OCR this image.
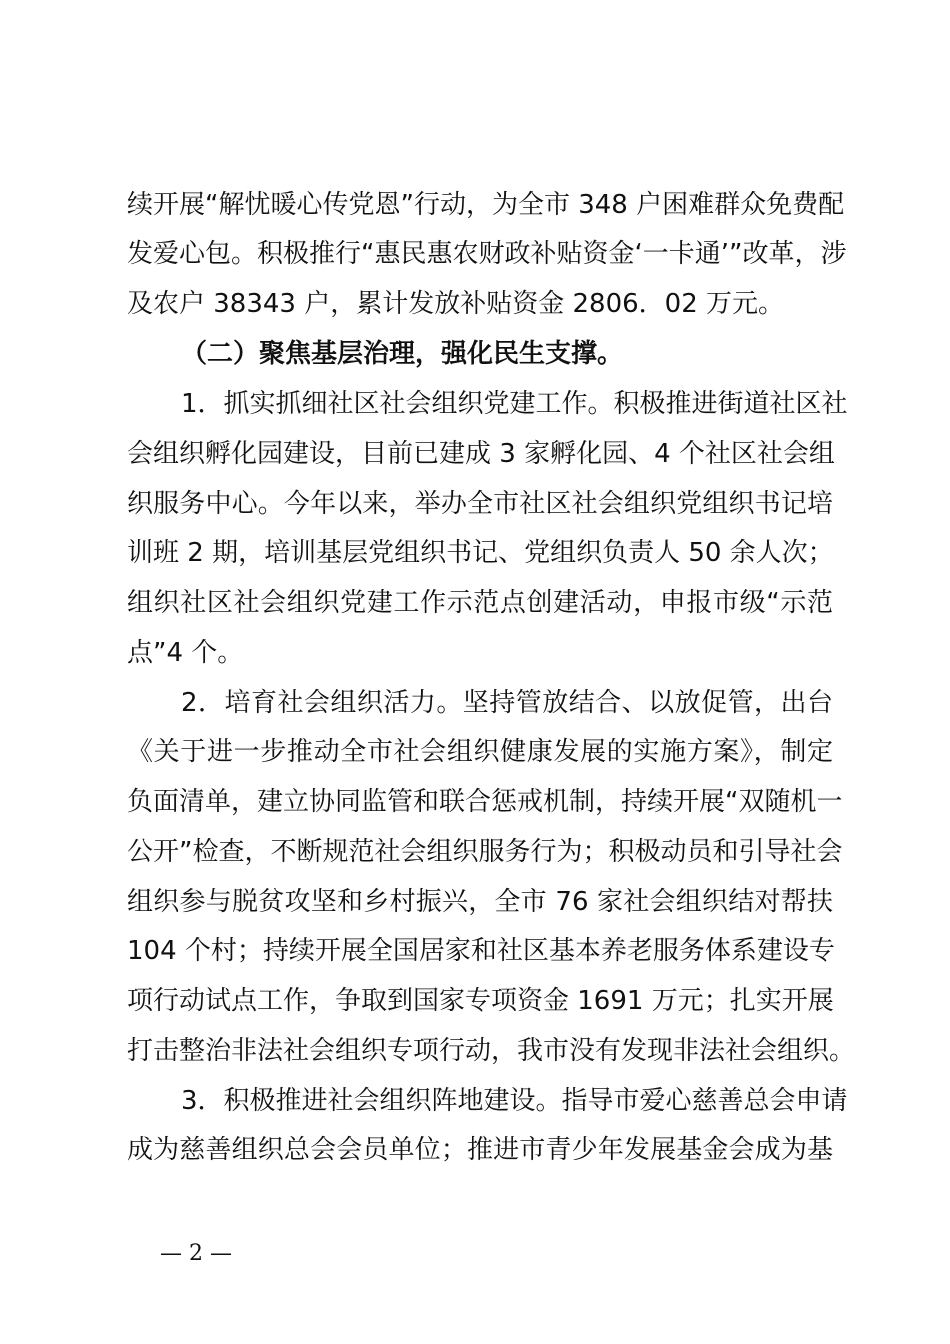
续开展“解忧暖心传党恩”行动，为全市 348 户困难群众免费配
发爱心包。积极推行“惠民惠农财政补贴资金‘一卡通’”改革，涉
及农户 38343 户，累计发放补贴资金 2806．02 万元。
（二）聚焦基层治理，强化民生支撑。
1．抓实抓细社区社会组织党建工作。积极推进街道社区社
会组织孵化园建设，目前已建成 3 家孵化园、4 个社区社会组
织服务中心。今年以来，举办全市社区社会组织党组织书记培
训班 2 期，培训基层党组织书记、党组织负责人 50 余人次；
组织社区社会组织党建工作示范点创建活动，申报市级“示范
点”4 个。
2．培育社会组织活力。坚持管放结合、以放促管，出台
《关于进一步推动全市社会组织健康发展的实施方案》，制定
负面清单，建立协同监管和联合惩戒机制，持续开展“双随机一
公开”检查，不断规范社会组织服务行为；积极动员和引导社会
组织参与脱贫攻坚和乡村振兴，全市 76 家社会组织结对帮扶
104 个村；持续开展全国居家和社区基本养老服务体系建设专
项行动试点工作，争取到国家专项资金 1691 万元；扎实开展
打击整治非法社会组织专项行动，我市没有发现非法社会组织。
3．积极推进社会组织阵地建设。指导市爱心慈善总会申请
成为慈善组织总会会员单位；推进市青少年发展基金会成为基
— 2 —
